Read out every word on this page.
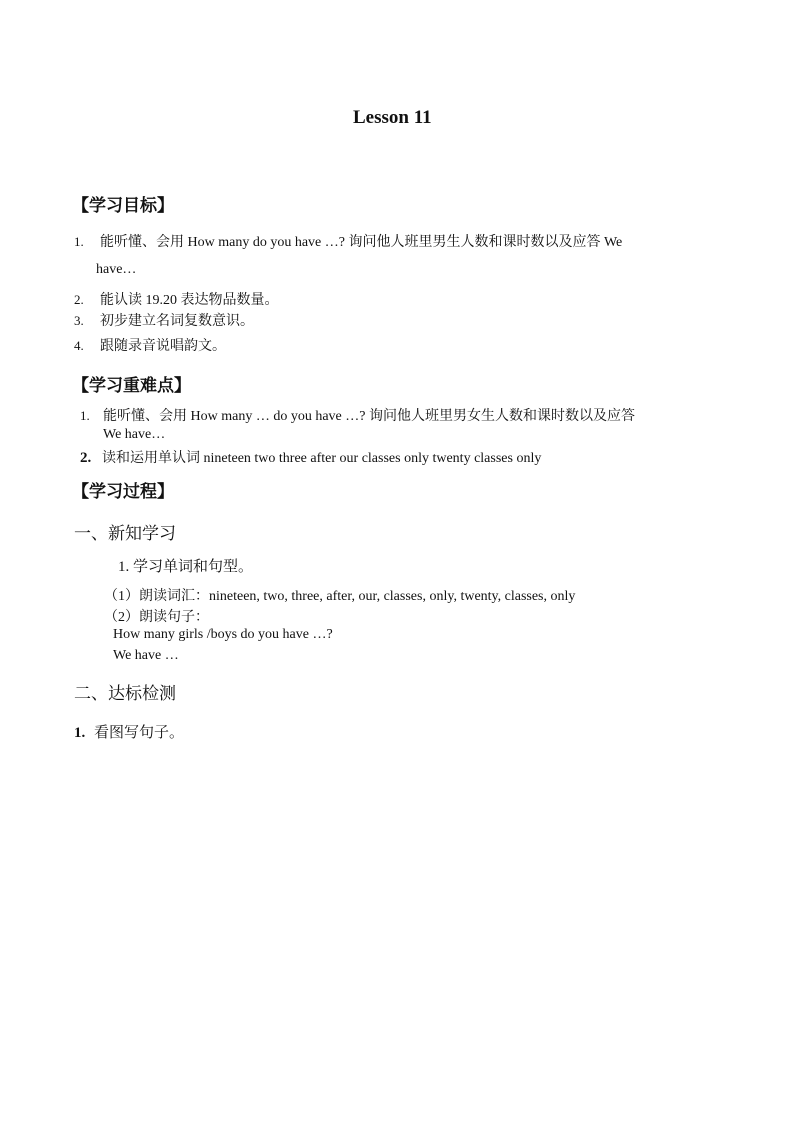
Lesson 11
【学习目标】
1. 能听懂、会用 How many do you have …? 询问他人班里男生人数和课时数以及应答 We
have…
2. 能认读 19.20 表达物品数量。
3. 初步建立名词复数意识。
4. 跟随录音说唱韵文。
【学习重难点】
1. 能听懂、会用 How many … do you have …? 询问他人班里男女生人数和课时数以及应答
We have…
2. 读和运用单认词 nineteen two three after our classes only twenty classes only
【学习过程】
一、新知学习
1. 学习单词和句型。
（1）朗读词汇：nineteen, two, three, after, our, classes, only, twenty, classes, only
（2）朗读句子：
How many girls /boys do you have …?
We have …
二、达标检测
1. 看图写句子。
